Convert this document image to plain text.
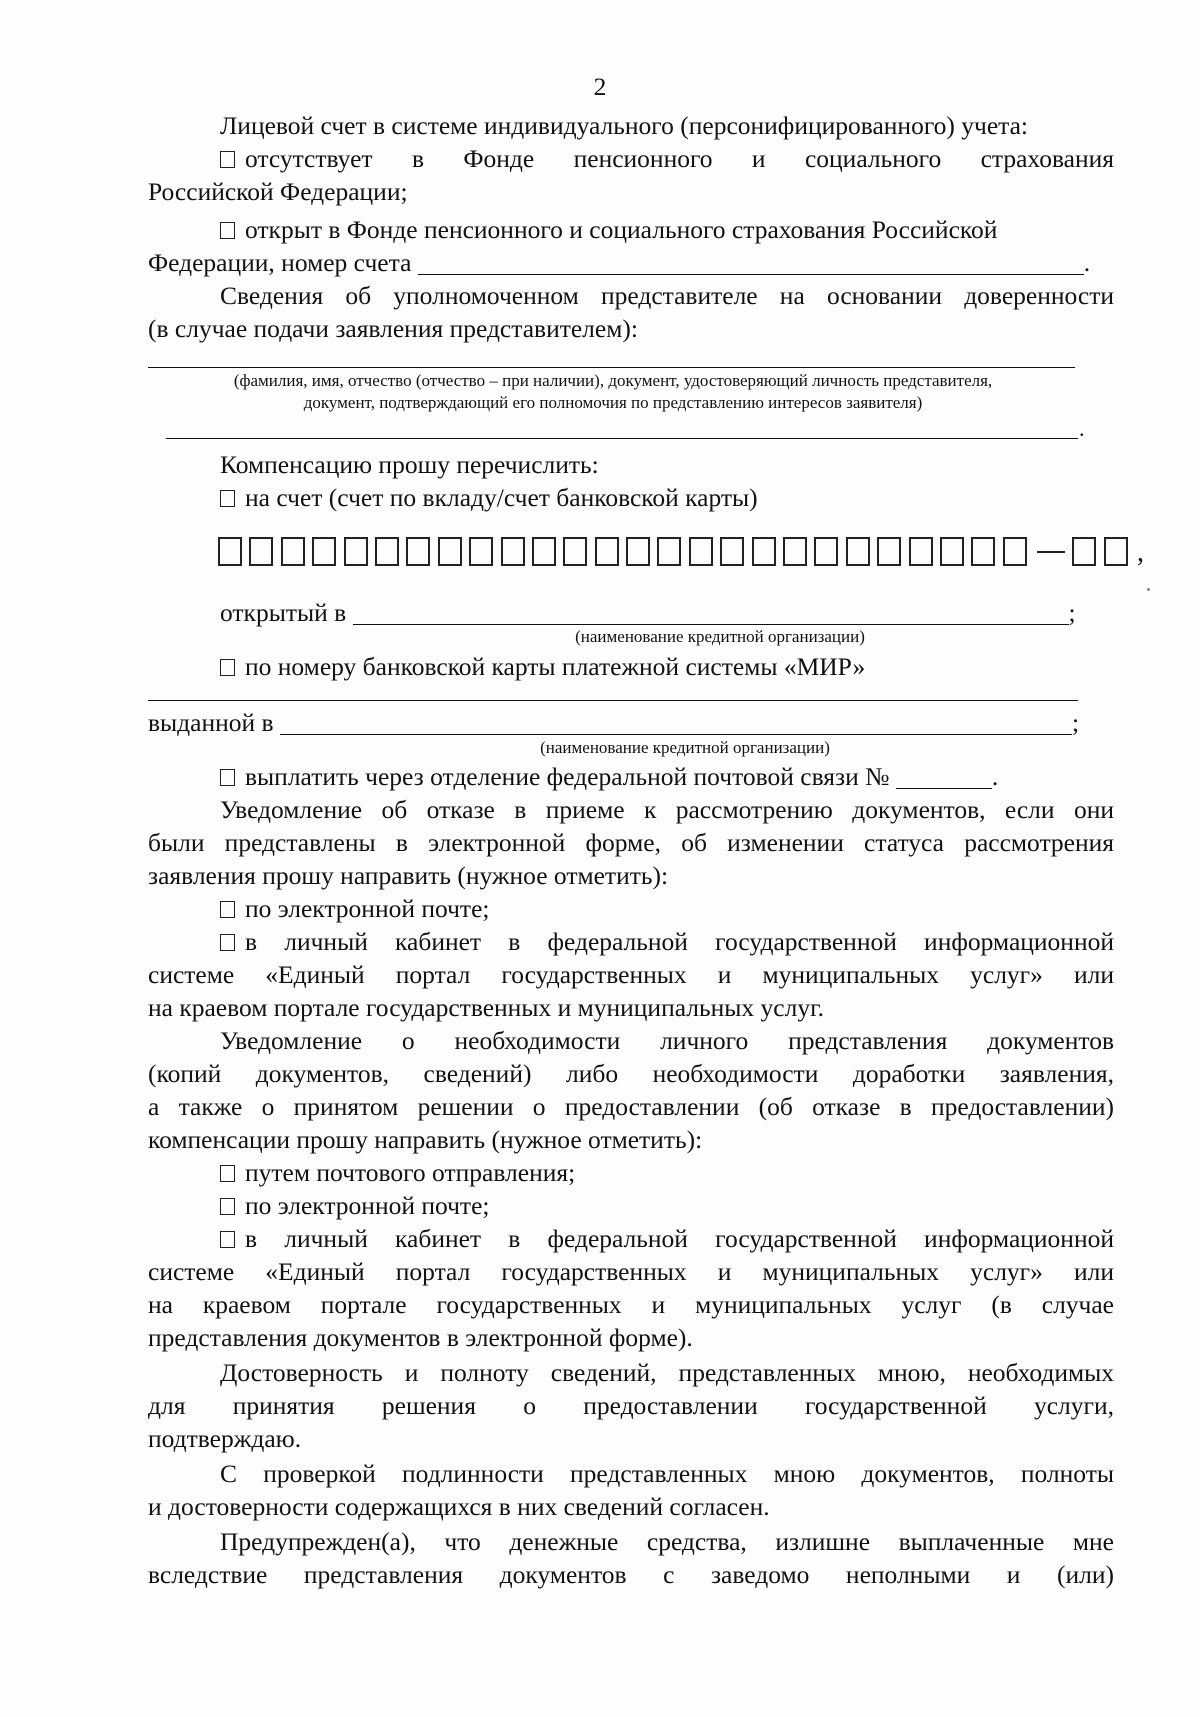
2
Лицевой счет в системе индивидуального (персонифицированного) учета:
отсутствует в Фонде пенсионного и социального страхования
Российской Федерации;
открыт в Фонде пенсионного и социального страхования Российской
Федерации, номер счета	.
Сведения об уполномоченном представителе на основании доверенности
(в случае подачи заявления представителем):
(фамилия, имя, отчество (отчество – при наличии), документ, удостоверяющий личность представителя,
документ, подтверждающий его полномочия по представлению интересов заявителя)
.
Компенсацию прошу перечислить:
на счет (счет по вкладу/счет банковской карты)
,
открытый в	;
(наименование кредитной организации)
по номеру банковской карты платежной системы «МИР»
выданной в	;
(наименование кредитной организации)
выплатить через отделение федеральной почтовой связи №	.
Уведомление об отказе в приеме к рассмотрению документов, если они
были представлены в электронной форме, об изменении статуса рассмотрения
заявления прошу направить (нужное отметить):
по электронной почте;
в личный кабинет в федеральной государственной информационной
системе «Единый портал государственных и муниципальных услуг» или
на краевом портале государственных и муниципальных услуг.
Уведомление о необходимости личного представления документов
(копий документов, сведений) либо необходимости доработки заявления,
а также о принятом решении о предоставлении (об отказе в предоставлении)
компенсации прошу направить (нужное отметить):
путем почтового отправления;
по электронной почте;
в личный кабинет в федеральной государственной информационной
системе «Единый портал государственных и муниципальных услуг» или
на краевом портале государственных и муниципальных услуг (в случае
представления документов в электронной форме).
Достоверность и полноту сведений, представленных мною, необходимых
для принятия решения о предоставлении государственной услуги,
подтверждаю.
С проверкой подлинности представленных мною документов, полноты
и достоверности содержащихся в них сведений согласен.
Предупрежден(а), что денежные средства, излишне выплаченные мне
вследствие представления документов с заведомо неполными и (или)
